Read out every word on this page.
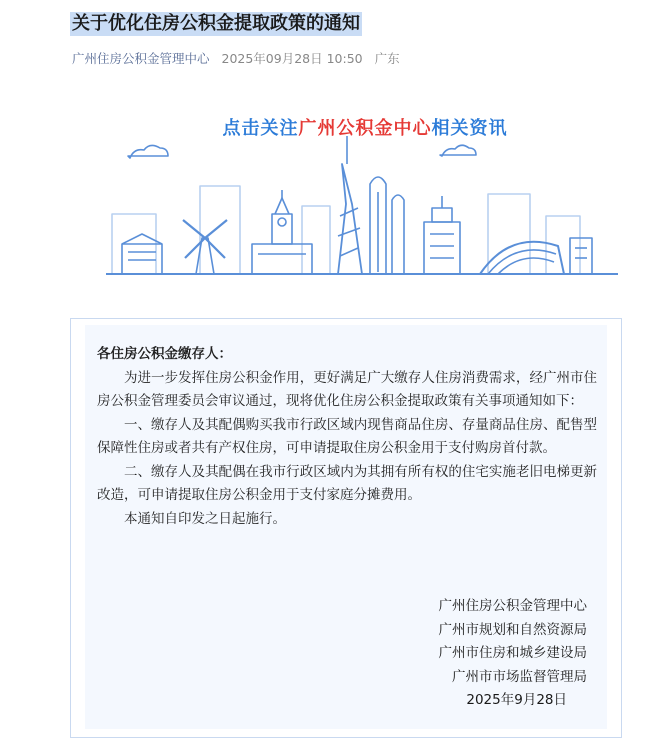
关于优化住房公积金提取政策的通知
广州住房公积金管理中心 2025年09月28日 10:50 广东
点击关注广州公积金中心相关资讯

各住房公积金缴存人：

为进一步发挥住房公积金作用，更好满足广大缴存人住房消费需求，经广州市住房公积金管理委员会审议通过，现将优化住房公积金提取政策有关事项通知如下：

一、缴存人及其配偶购买我市行政区域内现售商品住房、存量商品住房、配售型保障性住房或者共有产权住房，可申请提取住房公积金用于支付购房首付款。

二、缴存人及其配偶在我市行政区域内为其拥有所有权的住宅实施老旧电梯更新改造，可申请提取住房公积金用于支付家庭分摊费用。

本通知自印发之日起施行。

广州住房公积金管理中心
广州市规划和自然资源局
广州市住房和城乡建设局
广州市市场监督管理局
2025年9月28日
